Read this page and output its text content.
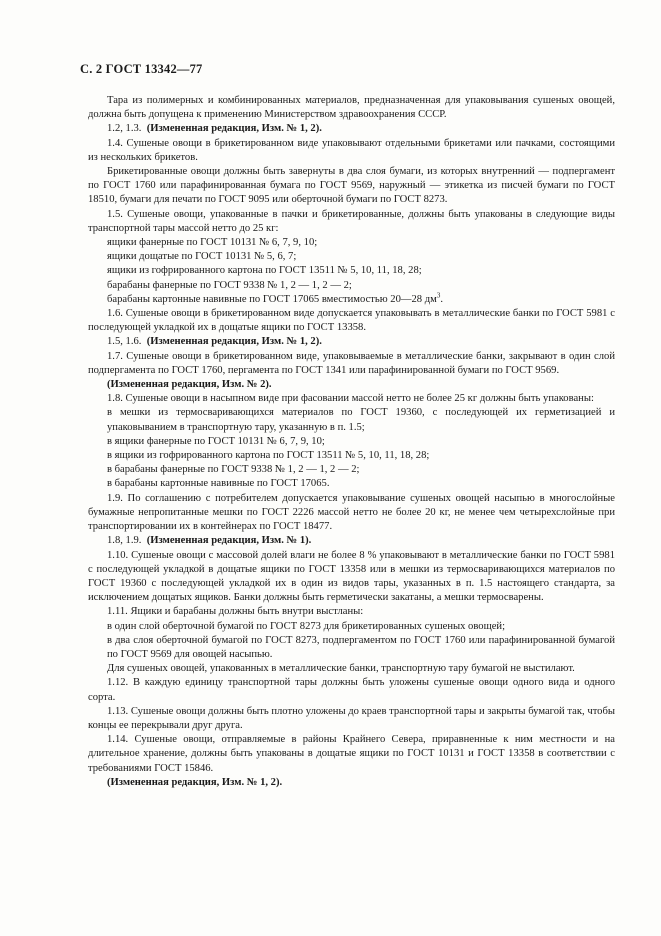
С. 2 ГОСТ 13342—77

Тара из полимерных и комбинированных материалов, предназначенная для упаковывания сушеных овощей, должна быть допущена к применению Министерством здравоохранения СССР.

1.2, 1.3. (Измененная редакция, Изм. № 1, 2).

1.4. Сушеные овощи в брикетированном виде упаковывают отдельными брикетами или пачками, состоящими из нескольких брикетов.

Брикетированные овощи должны быть завернуты в два слоя бумаги, из которых внутренний — подпергамент по ГОСТ 1760 или парафинированная бумага по ГОСТ 9569, наружный — этикетка из писчей бумаги по ГОСТ 18510, бумаги для печати по ГОСТ 9095 или оберточной бумаги по ГОСТ 8273.

1.5. Сушеные овощи, упакованные в пачки и брикетированные, должны быть упакованы в следующие виды транспортной тары массой нетто до 25 кг:

ящики фанерные по ГОСТ 10131 № 6, 7, 9, 10;

ящики дощатые по ГОСТ 10131 № 5, 6, 7;

ящики из гофрированного картона по ГОСТ 13511 № 5, 10, 11, 18, 28;

барабаны фанерные по ГОСТ 9338 № 1, 2 — 1, 2 — 2;

барабаны картонные навивные по ГОСТ 17065 вместимостью 20—28 $дм^3$.

1.6. Сушеные овощи в брикетированном виде допускается упаковывать в металлические банки по ГОСТ 5981 с последующей укладкой их в дощатые ящики по ГОСТ 13358.

1.5, 1.6. (Измененная редакция, Изм. № 1, 2).

1.7. Сушеные овощи в брикетированном виде, упаковываемые в металлические банки, закрывают в один слой подпергамента по ГОСТ 1760, пергамента по ГОСТ 1341 или парафинированной бумаги по ГОСТ 9569.

(Измененная редакция, Изм. № 2).

1.8. Сушеные овощи в насыпном виде при фасовании массой нетто не более 25 кг должны быть упакованы:

в мешки из термосваривающихся материалов по ГОСТ 19360, с последующей их герметизацией и упаковыванием в транспортную тару, указанную в п. 1.5;

в ящики фанерные по ГОСТ 10131 № 6, 7, 9, 10;

в ящики из гофрированного картона по ГОСТ 13511 № 5, 10, 11, 18, 28;

в барабаны фанерные по ГОСТ 9338 № 1, 2 — 1, 2 — 2;

в барабаны картонные навивные по ГОСТ 17065.

1.9. По соглашению с потребителем допускается упаковывание сушеных овощей насыпью в многослойные бумажные непропитанные мешки по ГОСТ 2226 массой нетто не более 20 кг, не менее чем четырехслойные при транспортировании их в контейнерах по ГОСТ 18477.

1.8, 1.9. (Измененная редакция, Изм. № 1).

1.10. Сушеные овощи с массовой долей влаги не более 8 % упаковывают в металлические банки по ГОСТ 5981 с последующей укладкой в дощатые ящики по ГОСТ 13358 или в мешки из термосваривающихся материалов по ГОСТ 19360 с последующей укладкой их в один из видов тары, указанных в п. 1.5 настоящего стандарта, за исключением дощатых ящиков. Банки должны быть герметически закатаны, а мешки термосварены.

1.11. Ящики и барабаны должны быть внутри выстланы:

в один слой оберточной бумагой по ГОСТ 8273 для брикетированных сушеных овощей;

в два слоя оберточной бумагой по ГОСТ 8273, подпергаментом по ГОСТ 1760 или парафинированной бумагой по ГОСТ 9569 для овощей насыпью.

Для сушеных овощей, упакованных в металлические банки, транспортную тару бумагой не выстилают.

1.12. В каждую единицу транспортной тары должны быть уложены сушеные овощи одного вида и одного сорта.

1.13. Сушеные овощи должны быть плотно уложены до краев транспортной тары и закрыты бумагой так, чтобы концы ее перекрывали друг друга.

1.14. Сушеные овощи, отправляемые в районы Крайнего Севера, приравненные к ним местности и на длительное хранение, должны быть упакованы в дощатые ящики по ГОСТ 10131 и ГОСТ 13358 в соответствии с требованиями ГОСТ 15846.

(Измененная редакция, Изм. № 1, 2).
